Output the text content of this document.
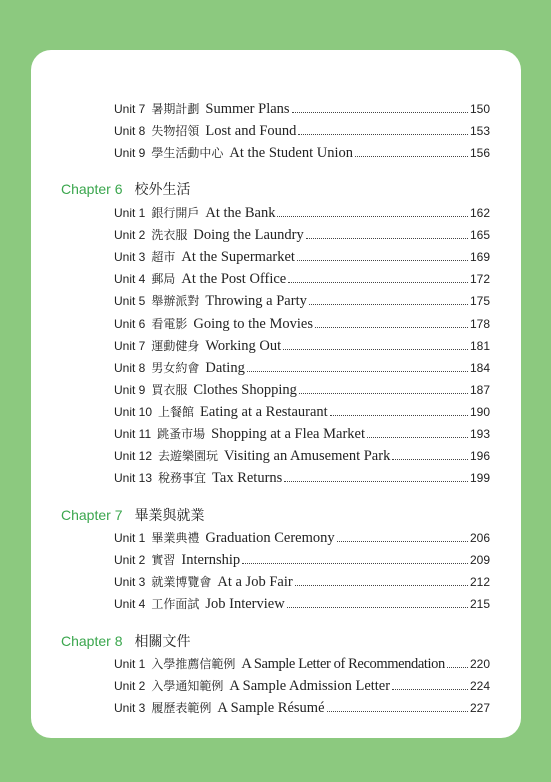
Unit 7 暑期計劃 Summer Plans	150
Unit 8 失物招領 Lost and Found	153
Unit 9 學生活動中心 At the Student Union	156
Chapter 6 校外生活
Unit 1 銀行開戶 At the Bank	162
Unit 2 洗衣服 Doing the Laundry	165
Unit 3 超市 At the Supermarket	169
Unit 4 郵局 At the Post Office	172
Unit 5 舉辦派對 Throwing a Party	175
Unit 6 看電影 Going to the Movies	178
Unit 7 運動健身 Working Out	181
Unit 8 男女約會 Dating	184
Unit 9 買衣服 Clothes Shopping	187
Unit 10 上餐館 Eating at a Restaurant	190
Unit 11 跳蚤市場 Shopping at a Flea Market	193
Unit 12 去遊樂園玩 Visiting an Amusement Park	196
Unit 13 稅務事宜 Tax Returns	199
Chapter 7 畢業與就業
Unit 1 畢業典禮 Graduation Ceremony	206
Unit 2 實習 Internship	209
Unit 3 就業博覽會 At a Job Fair	212
Unit 4 工作面試 Job Interview	215
Chapter 8 相關文件
Unit 1 入學推薦信範例 A Sample Letter of Recommendation 220
Unit 2 入學通知範例 A Sample Admission Letter	224
Unit 3 履歷表範例 A Sample Résumé	227
